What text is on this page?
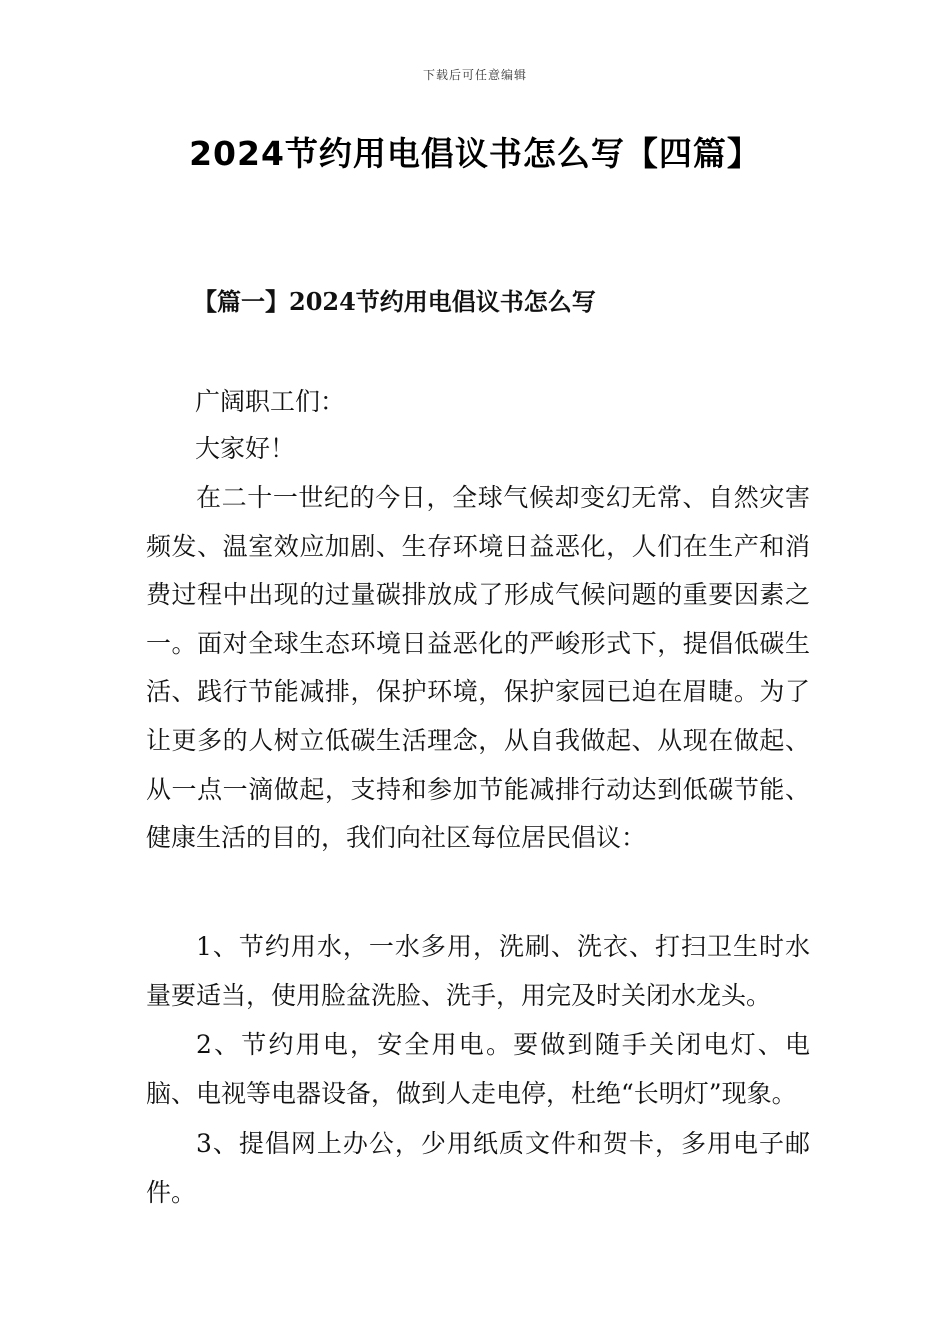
下载后可任意编辑
2024节约用电倡议书怎么写【四篇】
【篇一】2024节约用电倡议书怎么写

广阔职工们：

大家好！

在二十一世纪的今日，全球气候却变幻无常、自然灾害频发、温室效应加剧、生存环境日益恶化，人们在生产和消费过程中出现的过量碳排放成了形成气候问题的重要因素之一。面对全球生态环境日益恶化的严峻形式下，提倡低碳生活、践行节能减排，保护环境，保护家园已迫在眉睫。为了让更多的人树立低碳生活理念，从自我做起、从现在做起、从一点一滴做起，支持和参加节能减排行动达到低碳节能、健康生活的目的，我们向社区每位居民倡议：

1、节约用水，一水多用，洗刷、洗衣、打扫卫生时水量要适当，使用脸盆洗脸、洗手，用完及时关闭水龙头。

2、节约用电，安全用电。要做到随手关闭电灯、电脑、电视等电器设备，做到人走电停，杜绝“长明灯”现象。

3、提倡网上办公，少用纸质文件和贺卡，多用电子邮件。
